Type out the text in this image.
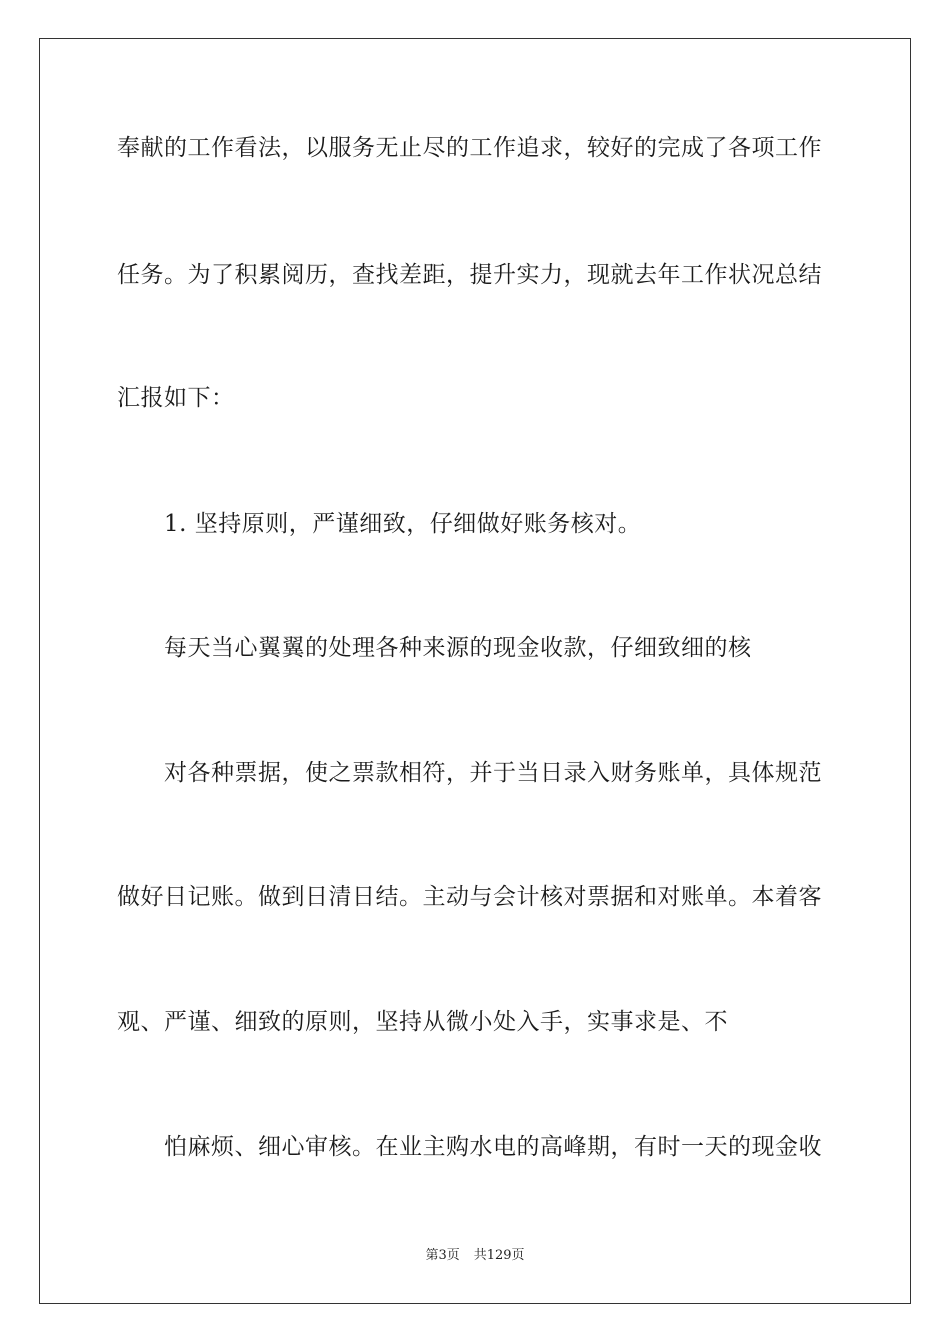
奉献的工作看法，以服务无止尽的工作追求，较好的完成了各项工作
任务。为了积累阅历，查找差距，提升实力，现就去年工作状况总结
汇报如下：
1. 坚持原则，严谨细致，仔细做好账务核对。
每天当心翼翼的处理各种来源的现金收款，仔细致细的核
对各种票据，使之票款相符，并于当日录入财务账单，具体规范
做好日记账。做到日清日结。主动与会计核对票据和对账单。本着客
观、严谨、细致的原则，坚持从微小处入手，实事求是、不
怕麻烦、细心审核。在业主购水电的高峰期，有时一天的现金收
第3页 共129页
